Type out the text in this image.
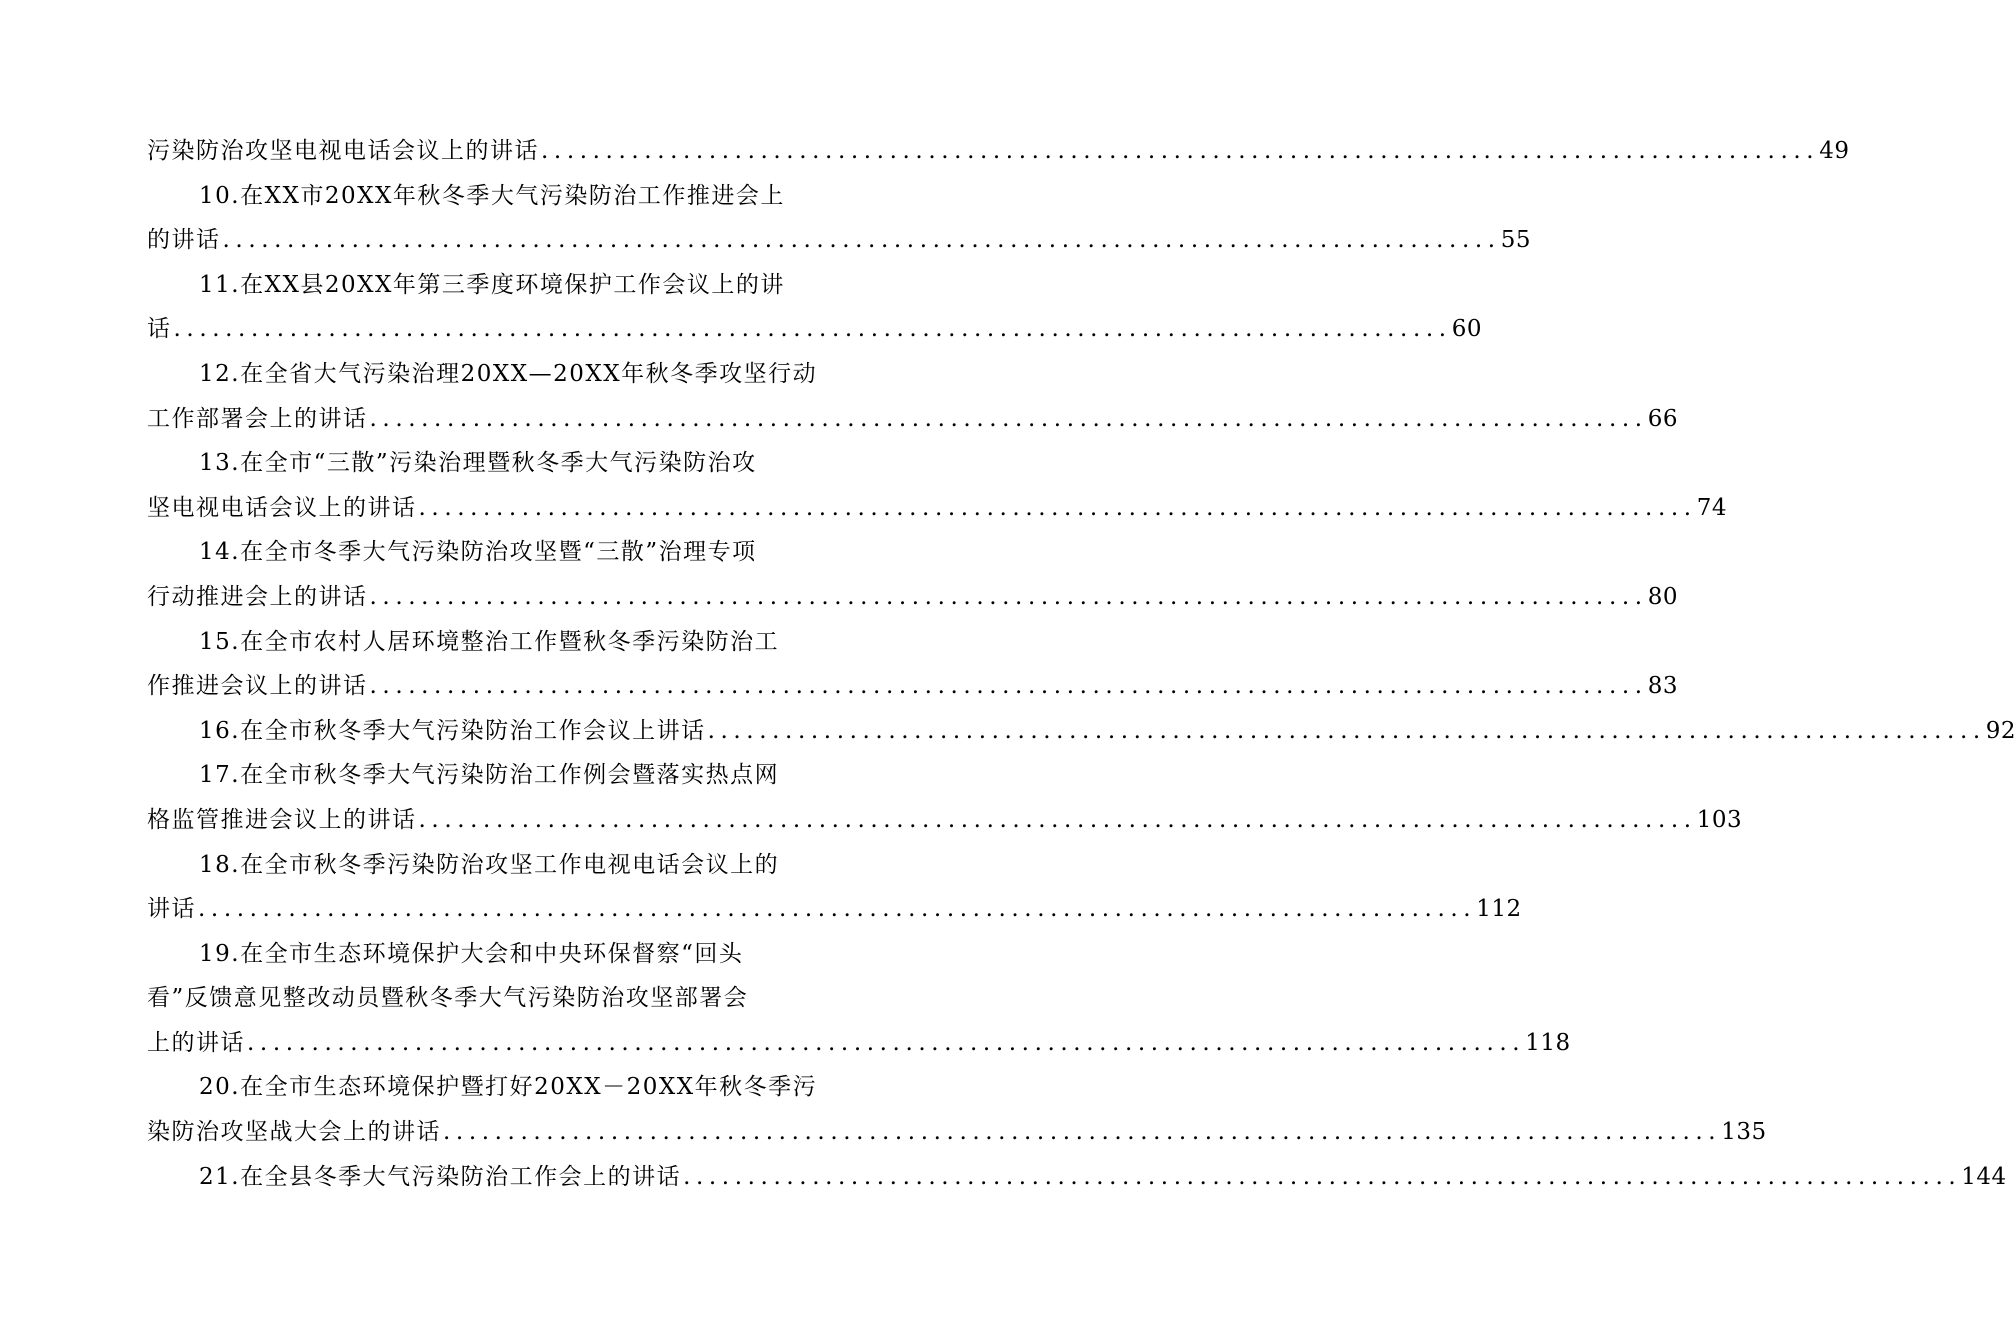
污染防治攻坚电视电话会议上的讲话 ................................................................................................... 49
10.在XX市20XX年秋冬季大气污染防治工作推进会上
的讲话 ................................................................................................... 55
11.在XX县20XX年第三季度环境保护工作会议上的讲
话 ................................................................................................... 60
12.在全省大气污染治理20XX—20XX年秋冬季攻坚行动
工作部署会上的讲话 ................................................................................................... 66
13.在全市“三散”污染治理暨秋冬季大气污染防治攻
坚电视电话会议上的讲话 ................................................................................................... 74
14.在全市冬季大气污染防治攻坚暨“三散”治理专项
行动推进会上的讲话 ................................................................................................... 80
15.在全市农村人居环境整治工作暨秋冬季污染防治工
作推进会议上的讲话 ................................................................................................... 83
16.在全市秋冬季大气污染防治工作会议上讲话 ................................................................................................... 92
17.在全市秋冬季大气污染防治工作例会暨落实热点网
格监管推进会议上的讲话 ................................................................................................... 103
18.在全市秋冬季污染防治攻坚工作电视电话会议上的
讲话 ................................................................................................... 112
19.在全市生态环境保护大会和中央环保督察“回头
看”反馈意见整改动员暨秋冬季大气污染防治攻坚部署会
上的讲话 ................................................................................................... 118
20.在全市生态环境保护暨打好20XX－20XX年秋冬季污
染防治攻坚战大会上的讲话 ................................................................................................... 135
21.在全县冬季大气污染防治工作会上的讲话 ................................................................................................... 144
